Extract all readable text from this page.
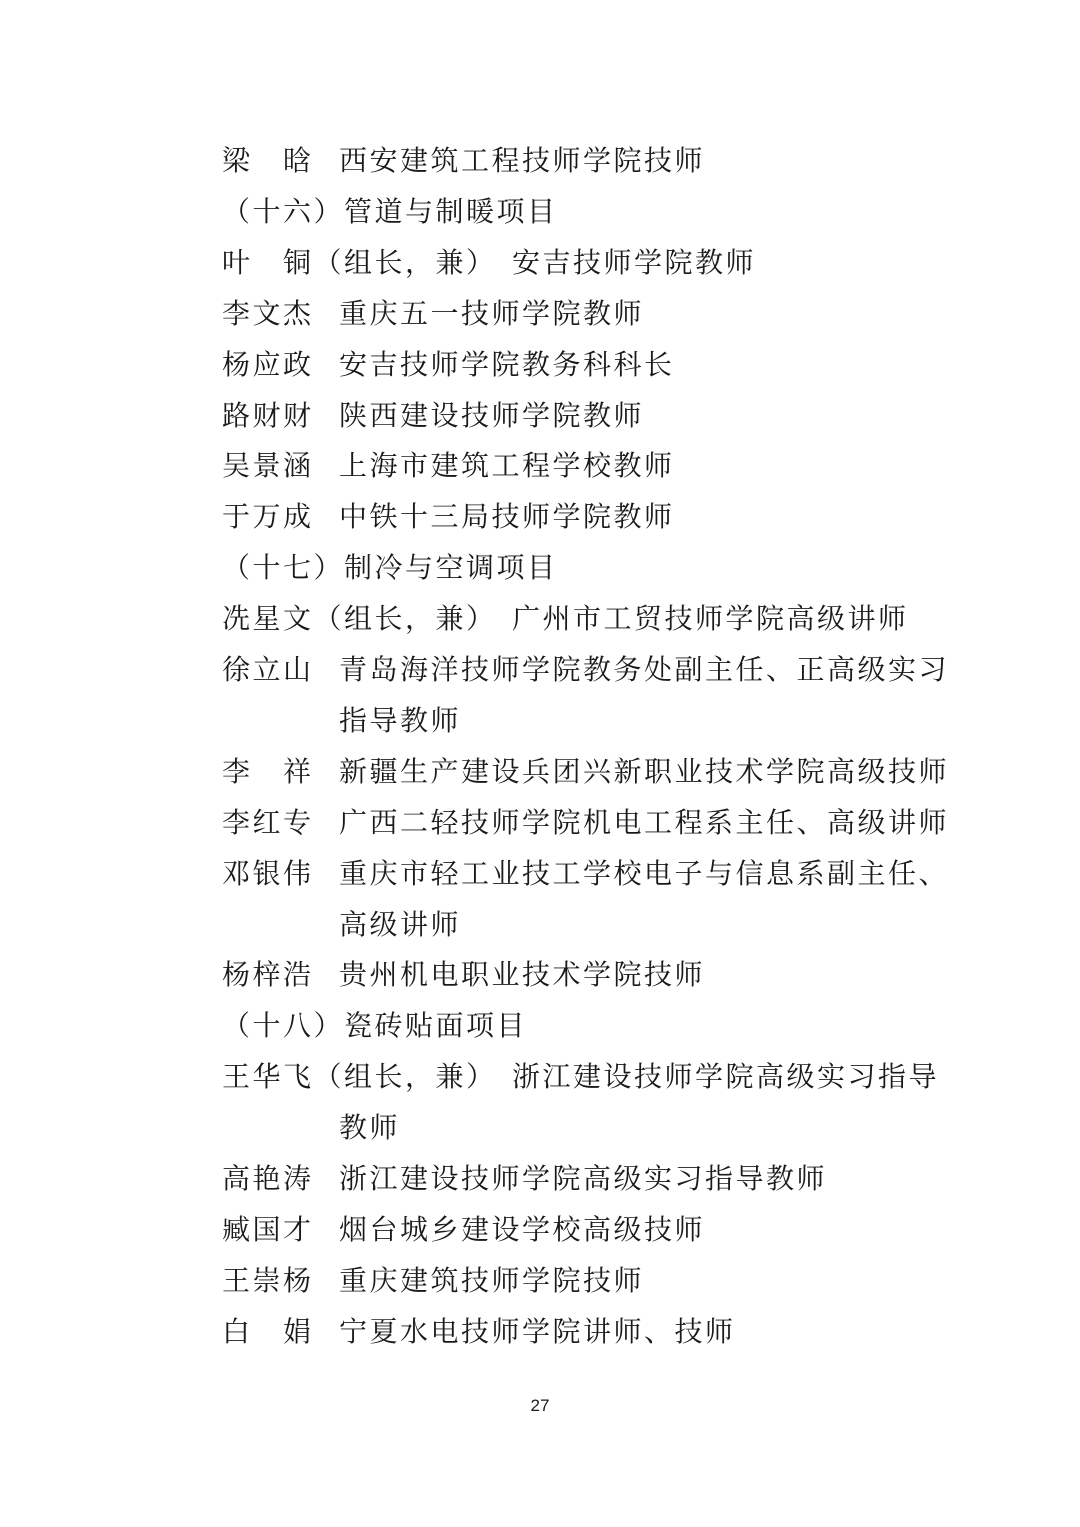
梁　晗 西安建筑工程技师学院技师
（十六）管道与制暖项目
叶　铜（组长，兼） 安吉技师学院教师
李文杰 重庆五一技师学院教师
杨应政 安吉技师学院教务科科长
路财财 陕西建设技师学院教师
吴景涵 上海市建筑工程学校教师
于万成 中铁十三局技师学院教师
（十七）制冷与空调项目
冼星文（组长，兼） 广州市工贸技师学院高级讲师
徐立山 青岛海洋技师学院教务处副主任、正高级实习
指导教师
李　祥 新疆生产建设兵团兴新职业技术学院高级技师
李红专 广西二轻技师学院机电工程系主任、高级讲师
邓银伟 重庆市轻工业技工学校电子与信息系副主任、
高级讲师
杨梓浩 贵州机电职业技术学院技师
（十八）瓷砖贴面项目
王华飞（组长，兼） 浙江建设技师学院高级实习指导
教师
高艳涛 浙江建设技师学院高级实习指导教师
臧国才 烟台城乡建设学校高级技师
王崇杨 重庆建筑技师学院技师
白　娟 宁夏水电技师学院讲师、技师
27
